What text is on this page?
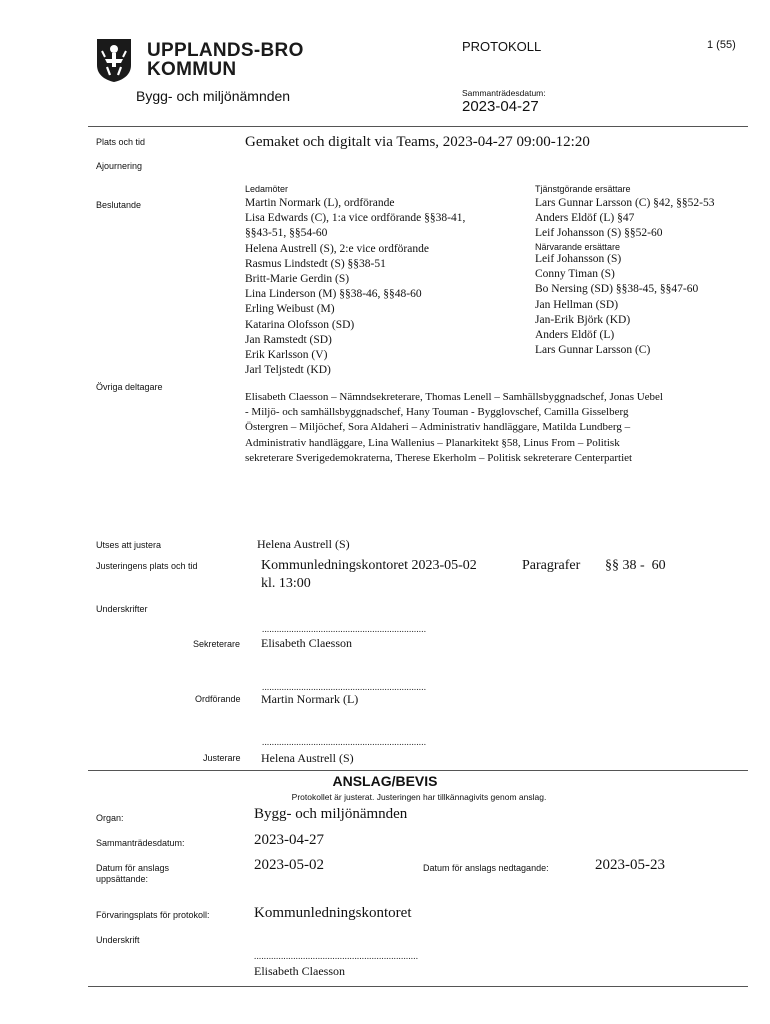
UPPLANDS-BRO
KOMMUN
Bygg- och miljönämnden
PROTOKOLL	1 (55)
Sammanträdesdatum:
2023-04-27
Plats och tid	Gemaket och digitalt via Teams, 2023-04-27 09:00-12:20
Ajournering
Beslutande
Ledamöter
Martin Normark (L), ordförande
Lisa Edwards (C), 1:a vice ordförande §§38-41,
§§43-51, §§54-60
Helena Austrell (S), 2:e vice ordförande
Rasmus Lindstedt (S) §§38-51
Britt-Marie Gerdin (S)
Lina Linderson (M) §§38-46, §§48-60
Erling Weibust (M)
Katarina Olofsson (SD)
Jan Ramstedt (SD)
Erik Karlsson (V)
Jarl Teljstedt (KD)
Tjänstgörande ersättare
Lars Gunnar Larsson (C) §42, §§52-53
Anders Eldöf (L) §47
Leif Johansson (S) §§52-60
Närvarande ersättare
Leif Johansson (S)
Conny Timan (S)
Bo Nersing (SD) §§38-45, §§47-60
Jan Hellman (SD)
Jan-Erik Björk (KD)
Anders Eldöf (L)
Lars Gunnar Larsson (C)
Övriga deltagare
Elisabeth Claesson – Nämndsekreterare, Thomas Lenell – Samhällsbyggnadschef, Jonas Uebel
- Miljö- och samhällsbyggnadschef, Hany Touman - Bygglovschef, Camilla Gisselberg
Östergren – Miljöchef, Sora Aldaheri – Administrativ handläggare, Matilda Lundberg –
Administrativ handläggare, Lina Wallenius – Planarkitekt §58, Linus From – Politisk
sekreterare Sverigedemokraterna, Therese Ekerholm – Politisk sekreterare Centerpartiet
Utses att justera	Helena Austrell (S)
Justeringens plats och tid	Kommunledningskontoret 2023-05-02
kl. 13:00
Paragrafer §§ 38 -  60
Underskrifter
...................................................................
Sekreterare Elisabeth Claesson
...................................................................
Ordförande Martin Normark (L)
...................................................................
Justerare Helena Austrell (S)
ANSLAG/BEVIS
Protokollet är justerat. Justeringen har tillkännagivits genom anslag.
Organ:	Bygg- och miljönämnden
Sammanträdesdatum:	2023-04-27
Datum för anslags
uppsättande:
2023-05-02	Datum för anslags nedtagande:	2023-05-23
Förvaringsplats för protokoll:	Kommunledningskontoret
Underskrift
...................................................................
Elisabeth Claesson
